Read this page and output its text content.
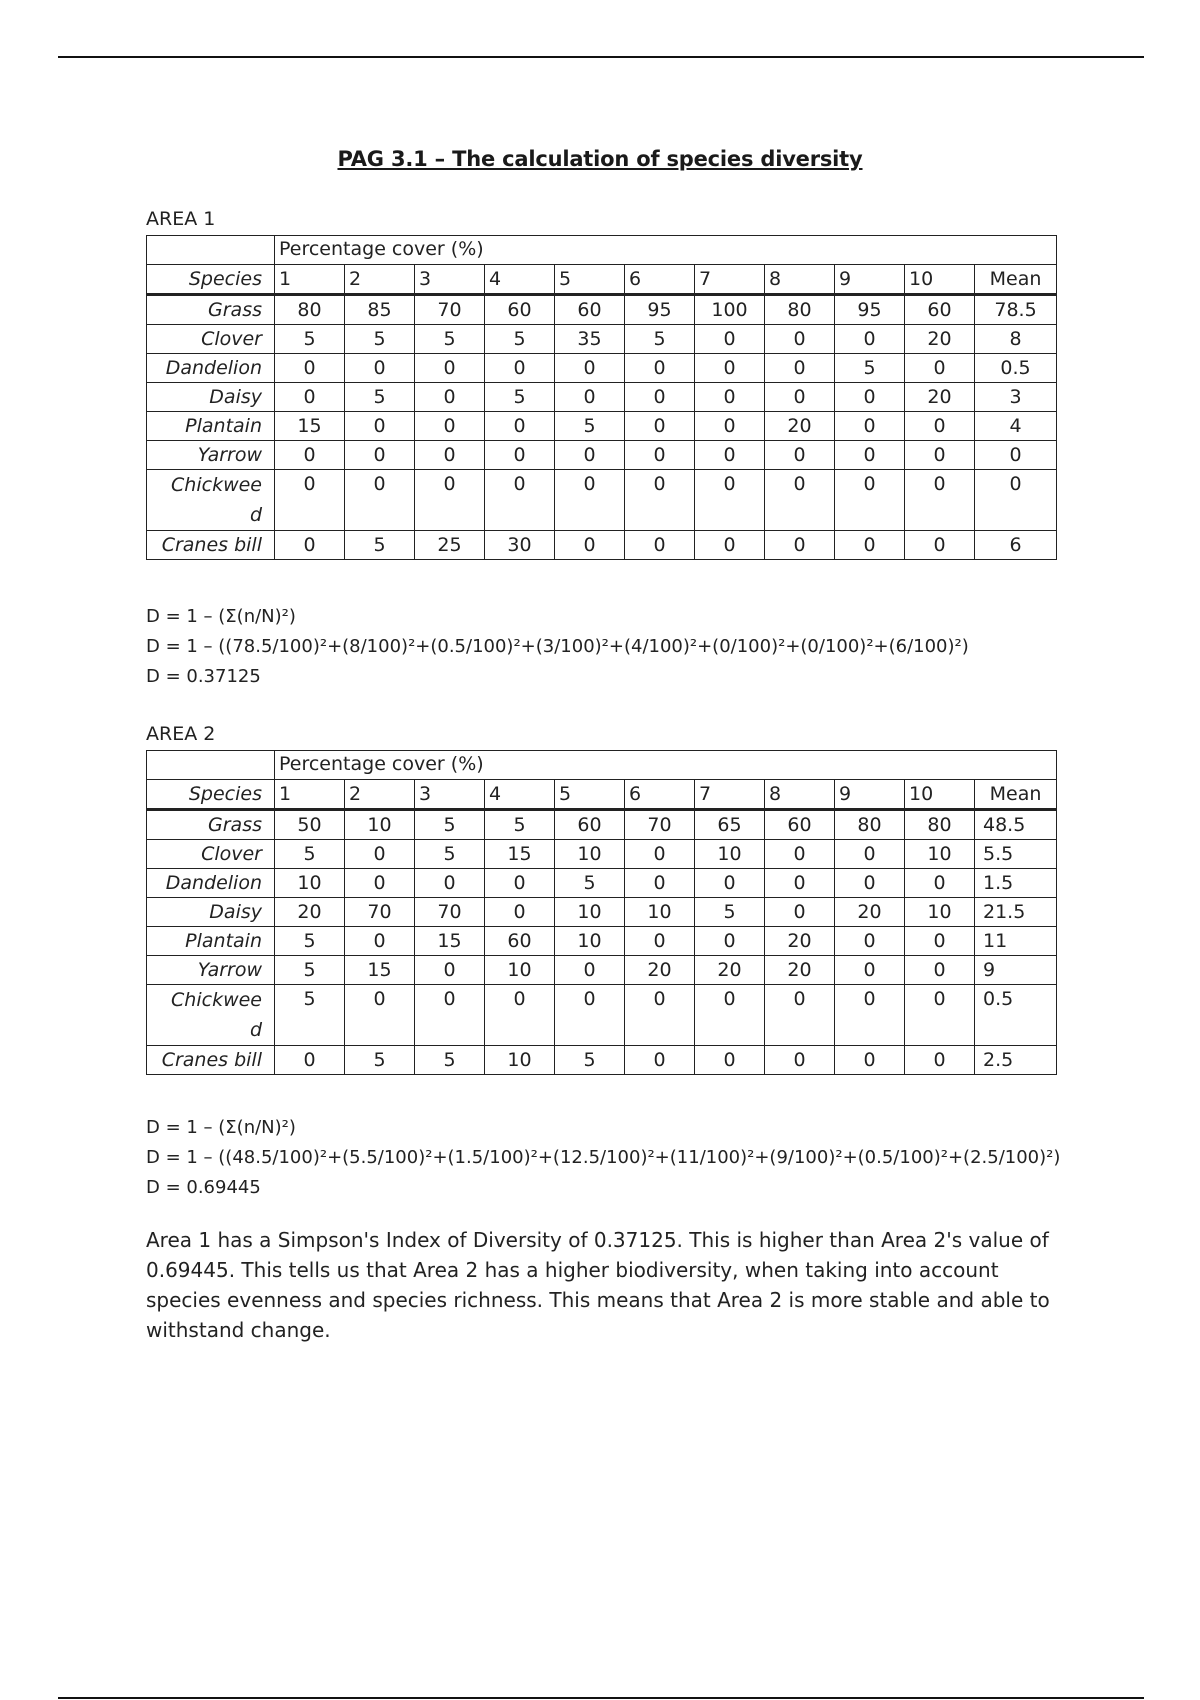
PAG 3.1 – The calculation of species diversity
AREA 1
	Percentage cover (%)										
Species	1	2	3	4	5	6	7	8	9	10	Mean
Grass	80	85	70	60	60	95	100	80	95	60	78.5
Clover	5	5	5	5	35	5	0	0	0	20	8
Dandelion	0	0	0	0	0	0	0	0	5	0	0.5
Daisy	0	5	0	5	0	0	0	0	0	20	3
Plantain	15	0	0	0	5	0	0	20	0	0	4
Yarrow	0	0	0	0	0	0	0	0	0	0	0
Chickwee
d	0	0	0	0	0	0	0	0	0	0	0
Cranes bill	0	5	25	30	0	0	0	0	0	0	6
D = 1 – (Σ(n/N)²)
D = 1 – ((78.5/100)²+(8/100)²+(0.5/100)²+(3/100)²+(4/100)²+(0/100)²+(0/100)²+(6/100)²)
D = 0.37125
AREA 2
	Percentage cover (%)										
Species	1	2	3	4	5	6	7	8	9	10	Mean
Grass	50	10	5	5	60	70	65	60	80	80	48.5
Clover	5	0	5	15	10	0	10	0	0	10	5.5
Dandelion	10	0	0	0	5	0	0	0	0	0	1.5
Daisy	20	70	70	0	10	10	5	0	20	10	21.5
Plantain	5	0	15	60	10	0	0	20	0	0	11
Yarrow	5	15	0	10	0	20	20	20	0	0	9
Chickwee
d	5	0	0	0	0	0	0	0	0	0	0.5
Cranes bill	0	5	5	10	5	0	0	0	0	0	2.5
D = 1 – (Σ(n/N)²)
D = 1 – ((48.5/100)²+(5.5/100)²+(1.5/100)²+(12.5/100)²+(11/100)²+(9/100)²+(0.5/100)²+(2.5/100)²)
D = 0.69445
Area 1 has a Simpson's Index of Diversity of 0.37125. This is higher than Area 2's value of 0.69445. This tells us that Area 2 has a higher biodiversity, when taking into account species evenness and species richness. This means that Area 2 is more stable and able to withstand change.
